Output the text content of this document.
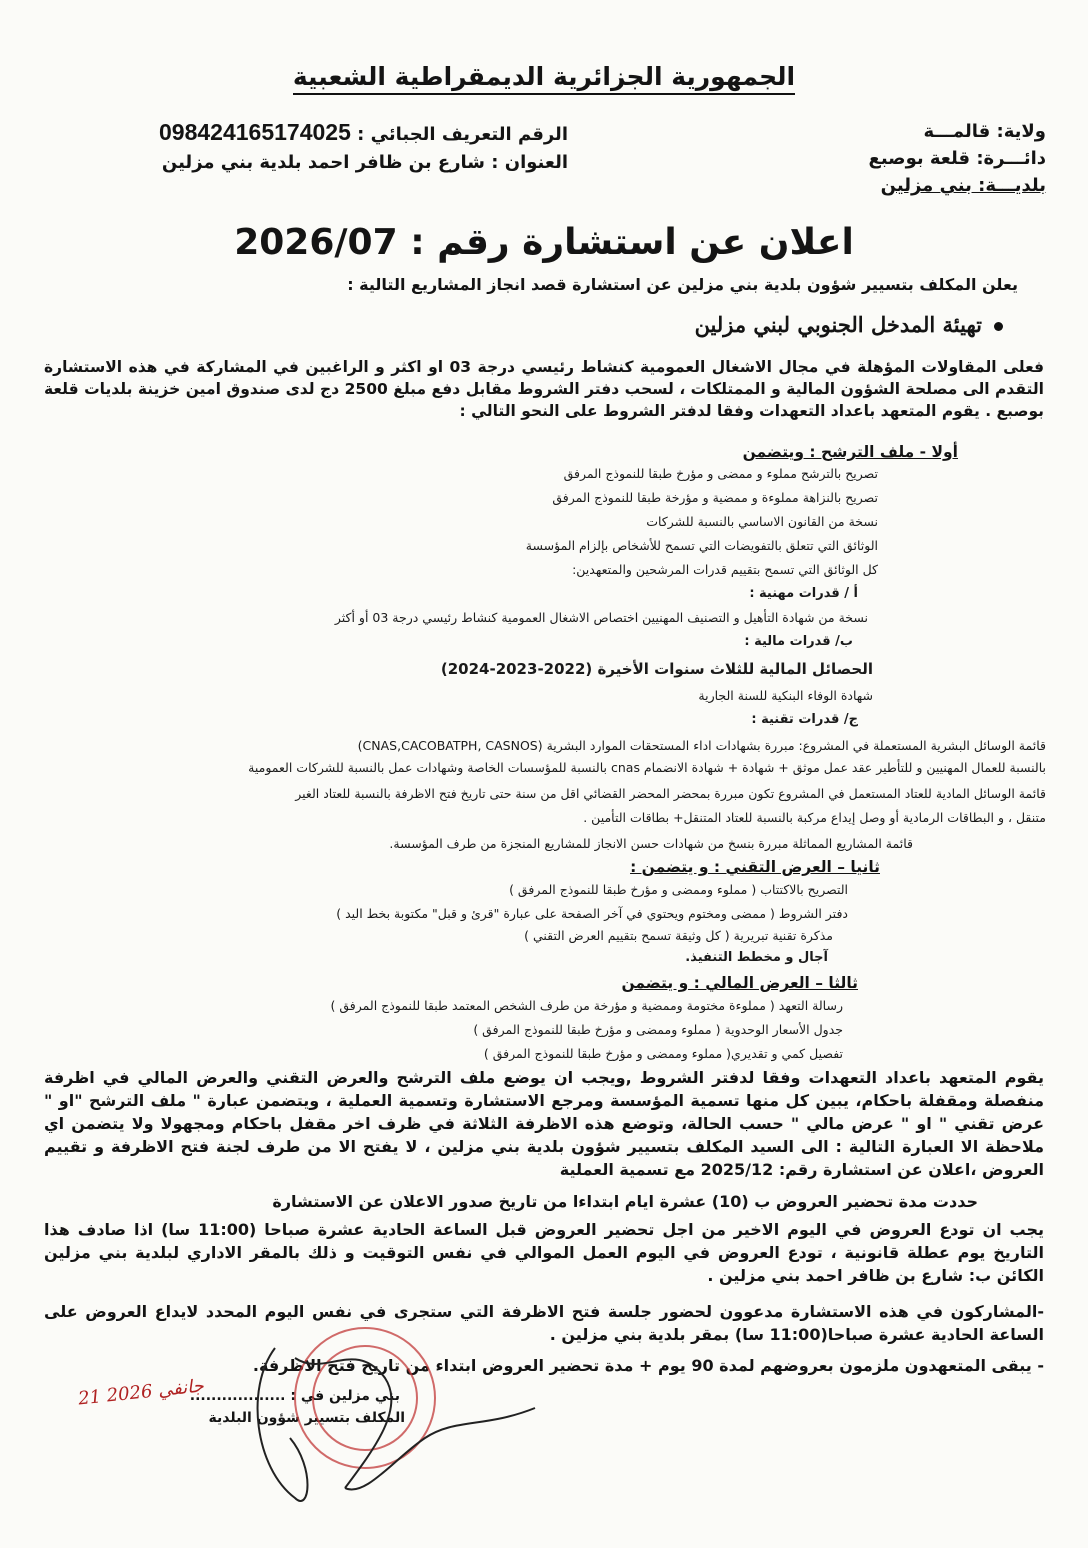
الجمهورية الجزائرية الديمقراطية الشعبية
ولاية: قالمـــة
دائـــرة: قلعة بوصبع
بلديـــة: بني مزلين
الرقم التعريف الجبائي : 098424165174025
العنوان : شارع بن ظافر احمد بلدية بني مزلين
اعلان عن استشارة رقم : 2026/07
يعلن المكلف بتسيير شؤون بلدية بني مزلين عن استشارة قصد انجاز المشاريع التالية :
تهيئة المدخل الجنوبي لبني مزلين
فعلى المقاولات المؤهلة في مجال الاشغال العمومية كنشاط رئيسي درجة 03 او اكثر و الراغبين في المشاركة في هذه الاستشارة التقدم الى مصلحة الشؤون المالية و الممتلكات ، لسحب دفتر الشروط مقابل دفع مبلغ 2500 دج لدى صندوق امين خزينة بلديات قلعة بوصبع . يقوم المتعهد باعداد التعهدات وفقا لدفتر الشروط على النحو التالي :
أولا - ملف الترشح : ويتضمن
تصريح بالترشح مملوء و ممضى و مؤرخ طبقا للنموذج المرفق
تصريح بالنزاهة مملوءة و ممضية و مؤرخة طبقا للنموذج المرفق
نسخة من القانون الاساسي بالنسبة للشركات
الوثائق التي تتعلق بالتفويضات التي تسمح للأشخاص بإلزام المؤسسة
كل الوثائق التي تسمح بتقييم قدرات المرشحين والمتعهدين:
أ / قدرات مهنية :
نسخة من شهادة التأهيل و التصنيف المهنيين اختصاص الاشغال العمومية كنشاط رئيسي درجة 03 أو أكثر
ب/ قدرات مالية :
الحصائل المالية للثلاث سنوات الأخيرة (2022-2023-2024)
شهادة الوفاء البنكية للسنة الجارية
ج/ قدرات تقنية :
قائمة الوسائل البشرية المستعملة في المشروع: مبررة بشهادات اداء المستحقات الموارد البشرية (CNAS,CACOBATPH, CASNOS)
بالنسبة للعمال المهنيين و للتأطير عقد عمل موثق + شهادة + شهادة الانضمام cnas بالنسبة للمؤسسات الخاصة وشهادات عمل بالنسبة للشركات العمومية
قائمة الوسائل المادية للعتاد المستعمل في المشروع تكون مبررة بمحضر المحضر القضائي اقل من سنة حتى تاريخ فتح الاظرفة بالنسبة للعتاد الغير
متنقل ، و البطاقات الرمادية أو وصل إيداع مركبة بالنسبة للعتاد المتنقل+ بطاقات التأمين .
قائمة المشاريع المماثلة مبررة بنسخ من شهادات حسن الانجاز للمشاريع المنجزة من طرف المؤسسة.
ثانيا – العرض التقني : و يتضمن :
التصريح بالاكتتاب ( مملوء وممضى و مؤرخ طبقا للنموذج المرفق )
دفتر الشروط ( ممضى ومختوم ويحتوي في آخر الصفحة على عبارة "قرئ و قبل" مكتوبة بخط اليد )
مذكرة تقنية تبريرية ( كل وثيقة تسمح بتقييم العرض التقني )
آجال و مخطط التنفيذ.
ثالثا – العرض المالي : و يتضمن
رسالة التعهد ( مملوءة مختومة وممضية و مؤرخة من طرف الشخص المعتمد طبقا للنموذج المرفق )
جدول الأسعار الوحدوية ( مملوء وممضى و مؤرخ طبقا للنموذج المرفق )
تفصيل كمي و تقديري( مملوء وممضى و مؤرخ طبقا للنموذج المرفق )
يقوم المتعهد باعداد التعهدات وفقا لدفتر الشروط ,ويجب ان يوضع ملف الترشح والعرض التقني والعرض المالي في اظرفة منفصلة ومقفلة باحكام، يبين كل منها تسمية المؤسسة ومرجع الاستشارة وتسمية العملية ، ويتضمن عبارة " ملف الترشح "او " عرض تقني " او " عرض مالي " حسب الحالة، وتوضع هذه الاظرفة الثلاثة في ظرف اخر مقفل باحكام ومجهولا ولا يتضمن اي ملاحظة الا العبارة التالية : الى السيد المكلف بتسيير شؤون بلدية بني مزلين ، لا يفتح الا من طرف لجنة فتح الاظرفة و تقييم العروض ،اعلان عن استشارة رقم: 2025/12 مع تسمية العملية
حددت مدة تحضير العروض ب (10) عشرة ايام ابتداءا من تاريخ صدور الاعلان عن الاستشارة
يجب ان تودع العروض في اليوم الاخير من اجل تحضير العروض قبل الساعة الحادية عشرة صباحا (11:00 سا) اذا صادف هذا التاريخ يوم عطلة قانونية ، تودع العروض في اليوم العمل الموالي في نفس التوقيت و ذلك بالمقر الاداري لبلدية بني مزلين الكائن ب: شارع بن ظافر احمد بني مزلين .
-المشاركون في هذه الاستشارة مدعوون لحضور جلسة فتح الاظرفة التي ستجرى في نفس اليوم المحدد لايداع العروض على الساعة الحادية عشرة صباحا(11:00 سا) بمقر بلدية بني مزلين .
- يبقى المتعهدون ملزمون بعروضهم لمدة 90 يوم + مدة تحضير العروض ابتداء من تاريخ فتح الاظرفة.
بني مزلين في : ..................
المكلف بتسيير شؤون البلدية
21 جانفي 2026
